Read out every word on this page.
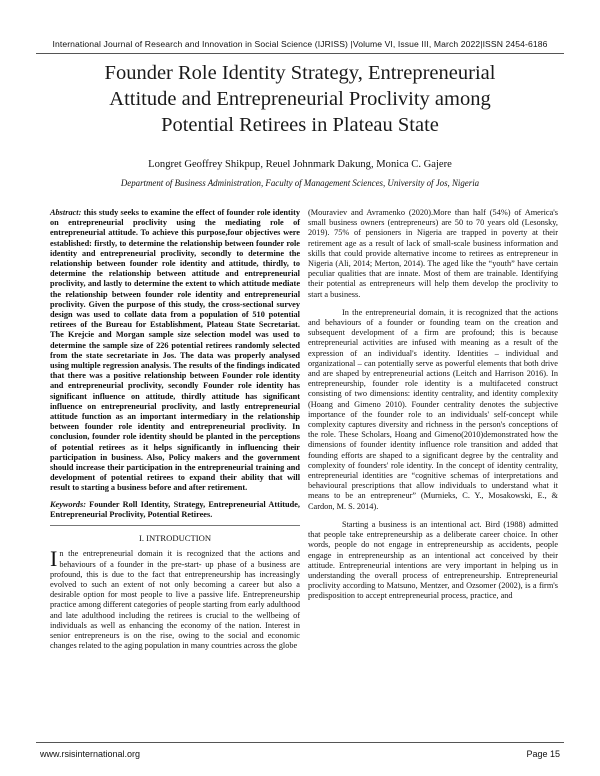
International Journal of Research and Innovation in Social Science (IJRISS) |Volume VI, Issue III, March 2022|ISSN 2454-6186
Founder Role Identity Strategy, Entrepreneurial
Attitude and Entrepreneurial Proclivity among
Potential Retirees in Plateau State
Longret Geoffrey Shikpup, Reuel Johnmark Dakung, Monica C. Gajere
Department of Business Administration, Faculty of Management Sciences, University of Jos, Nigeria

Abstract: this study seeks to examine the effect of founder role identity on entrepreneurial proclivity using the mediating role of entrepreneurial attitude. To achieve this purpose,four objectives were established: firstly, to determine the relationship between founder role identity and entrepreneurial proclivity, secondly to determine the relationship between founder role identity and attitude, thirdly, to determine the relationship between attitude and entrepreneurial proclivity, and lastly to determine the extent to which attitude mediate the relationship between founder role identity and entrepreneurial proclivity. Given the purpose of this study, the cross-sectional survey design was used to collate data from a population of 510 potential retirees of the Bureau for Establishment, Plateau State Secretariat. The Krejcie and Morgan sample size selection model was used to determine the sample size of 226 potential retirees randomly selected from the state secretariate in Jos. The data was properly analysed using multiple regression analysis. The results of the findings indicated that there was a positive relationship between Founder role identity and entrepreneurial proclivity, secondly Founder role identity has significant influence on attitude, thirdly attitude has significant influence on entrepreneurial proclivity, and lastly entrepreneurial attitude function as an important intermediary in the relationship between founder role identity and entrepreneurial proclivity. In conclusion, founder role identity should be planted in the perceptions of potential retirees as it helps significantly in influencing their participation in business. Also, Policy makers and the government should increase their participation in the entrepreneurial training and development of potential retirees to expand their ability that will result to starting a business before and after retirement.

Keywords: Founder Roll Identity, Strategy, Entrepreneurial Attitude, Entrepreneurial Proclivity, Potential Retirees.

I. INTRODUCTION

In the entrepreneurial domain it is recognized that the actions and behaviours of a founder in the pre-start- up phase of a business are profound, this is due to the fact that entrepreneurship has increasingly evolved to such an extent of not only becoming a career but also a desirable option for most people to live a passive life. Entrepreneurship practice among different categories of people starting from early adulthood and late adulthood including the retirees is crucial to the wellbeing of individuals as well as enhancing the economy of the nation. Interest in senior entrepreneurs is on the rise, owing to the social and economic changes related to the aging population in many countries across the globe

(Mouraviev and Avramenko (2020).More than half (54%) of America's small business owners (entrepreneurs) are 50 to 70 years old (Lesonsky, 2019). 75% of pensioners in Nigeria are trapped in poverty at their retirement age as a result of lack of small-scale business information and skills that could provide alternative income to retirees as entrepreneur in Nigeria (Ali, 2014; Merton, 2014). The aged like the “youth” have certain peculiar qualities that are innate. Most of them are trainable. Identifying their potential as entrepreneurs will help them develop the proclivity to start a business.

In the entrepreneurial domain, it is recognized that the actions and behaviours of a founder or founding team on the creation and subsequent development of a firm are profound; this is because entrepreneurial activities are infused with meaning as a result of the expression of an individual's identity. Identities – individual and organizational – can potentially serve as powerful elements that both drive and are shaped by entrepreneurial actions (Leitch and Harrison 2016). In entrepreneurship, founder role identity is a multifaceted construct consisting of two dimensions: identity centrality, and identity complexity (Hoang and Gimeno 2010). Founder centrality denotes the subjective importance of the founder role to an individuals' self-concept while complexity captures diversity and richness in the person's conceptions of the role. These Scholars, Hoang and Gimeno(2010)demonstrated how the dimensions of founder identity influence role transition and added that founding efforts are shaped to a significant degree by the centrality and complexity of founders' role identity. In the concept of identity centrality, entrepreneurial identities are “cognitive schemas of interpretations and behavioural prescriptions that allow individuals to understand what it means to be an entrepreneur” (Murnieks, C. Y., Mosakowski, E., & Cardon, M. S. 2014).

Starting a business is an intentional act. Bird (1988) admitted that people take entrepreneurship as a deliberate career choice. In other words, people do not engage in entrepreneurship as accidents, people engage in entrepreneurship as an intentional act conceived by their attitude. Entrepreneurial intentions are very important in helping us in understanding the overall process of entrepreneurship. Entrepreneurial proclivity according to Matsuno, Mentzer, and Ozsomer (2002), is a firm's predisposition to accept entrepreneurial process, practice, and

www.rsisinternational.org	Page 15
